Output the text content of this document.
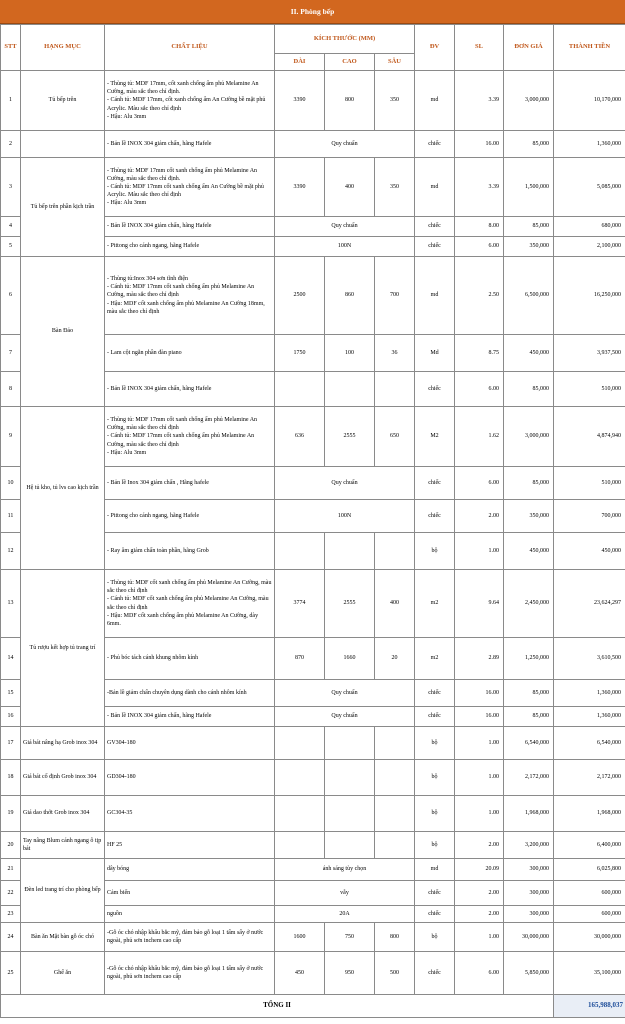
II. Phòng bếp
STT	HẠNG MỤC	CHẤT LIỆU	KÍCH THƯỚC (MM)			ĐV	SL	ĐƠN GIÁ	THÀNH TIỀN
			DÀI	CAO	SÂU				
1	Tủ bếp trên	- Thùng tủ: MDF 17mm, cốt xanh chống ẩm phủ Melamine An Cường, màu sắc theo chỉ định.
- Cánh tủ: MDF 17mm, cốt xanh chống ẩm An Cường bề mặt phủ Acrylic. Màu sắc theo chỉ định
- Hậu: Alu 3mm	3390	800	350	md	3.39	3,000,000	10,170,000
2		- Bản lề INOX 304 giảm chấn, hãng Hafele	Quy chuẩn			chiếc	16.00	85,000	1,360,000
3	Tủ bếp trên phần kịch trần	- Thùng tủ: MDF 17mm cốt xanh chống ẩm phủ Melamine An Cường, màu sắc theo chỉ định.
- Cánh tủ: MDF 17mm cốt xanh chống ẩm An Cường bề mặt phủ Acrylic. Màu sắc theo chỉ định
- Hậu: Alu 3mm	3390	400	350	md	3.39	1,500,000	5,085,000
4		- Bản lề INOX 304 giảm chấn, hãng Hafele	Quy chuẩn			chiếc	8.00	85,000	680,000
5		- Pittong cho cánh ngang, hãng Hafele	100N			chiếc	6.00	350,000	2,100,000
6	Bàn Đảo	- Thùng tủ:Inox 304 sơn tĩnh điện
- Cánh tủ: MDF 17mm cốt xanh chống ẩm phủ Melamine An Cường, màu sắc theo chỉ định
- Hậu: MDF cốt xanh chống ẩm phủ Melamine An Cường 18mm, màu sắc theo chỉ định	2500	860	700	md	2.50	6,500,000	16,250,000
7		- Lam cột ngăn phần đàn piano	1750	100	36	Md	8.75	450,000	3,937,500
8		- Bản lề INOX 304 giảm chấn, hãng Hafele				chiếc	6.00	85,000	510,000
9	Hệ tủ kho, tủ lvs cao kịch trần	- Thùng tủ: MDF 17mm cốt xanh chống ẩm phủ Melamine An Cường, màu sắc theo chỉ định
- Cánh tủ: MDF 17mm cốt xanh chống ẩm phủ Melamine An Cường, màu sắc theo chỉ định
- Hậu: Alu 3mm	636	2555	650	M2	1.62	3,000,000	4,874,940
10		- Bản lề Inox 304 giảm chấn , Hãng hafele	Quy chuẩn			chiếc	6.00	85,000	510,000
11		- Pittong cho cánh ngang, hãng Hafele	100N			chiếc	2.00	350,000	700,000
12		- Ray âm giảm chấn toàn phần, hãng Grob				bộ	1.00	450,000	450,000
13	Tủ rượu kết hợp tủ trang trí	- Thùng tủ: MDF cốt xanh chống ẩm phủ Melamine An Cường, màu sắc theo chỉ định
- Cánh tủ: MDF cốt xanh chống ẩm phủ Melamine An Cường, màu sắc theo chỉ định
- Hậu: MDF cốt xanh chống ẩm phủ Melamine An Cường, dày 6mm.	3774	2555	400	m2	9.64	2,450,000	23,624,297
14		- Phủ bóc tách cánh khung nhôm kính	870	1660	20	m2	2.89	1,250,000	3,610,500
15		-Bản lề giảm chấn chuyên dụng dành cho cánh nhôm kính	Quy chuẩn			chiếc	16.00	85,000	1,360,000
16		- Bản lề INOX 304 giảm chấn, hãng Hafele	Quy chuẩn			chiếc	16.00	85,000	1,360,000
17	Giá bát nâng hạ Grob inox 304	GV304-180				bộ	1.00	6,540,000	6,540,000
18	Giá bát cố định Grob inox 304	GD304-180				bộ	1.00	2,172,000	2,172,000
19	Giá dao thớt Grob inox 304	GC304-35				bộ	1.00	1,968,000	1,968,000
20	Tay nâng Blum cánh ngang ô tịp bát	HF 25				bộ	2.00	3,200,000	6,400,000
21	Đèn led trang trí cho phòng bếp	dây bóng	ánh sáng tùy chọn			md	20.09	300,000	6,025,800
22		Cảm biến	vẫy			chiếc	2.00	300,000	600,000
23		nguồn	20A			chiếc	2.00	300,000	600,000
24	Bàn ăn Mặt bàn gỗ óc chó	-Gỗ óc chó nhập khẩu bắc mỹ, đảm bảo gỗ loại 1 tấm sấy ở nước ngoài, phủ sơn inchem cao cấp	1600	750	800	bộ	1.00	30,000,000	30,000,000
25	Ghế ăn	-Gỗ óc chó nhập khẩu bắc mỹ, đảm bảo gỗ loại 1 tấm sấy ở nước ngoài, phủ sơn inchem cao cấp	450	950	500	chiếc	6.00	5,850,000	35,100,000
TỔNG II									165,988,037
